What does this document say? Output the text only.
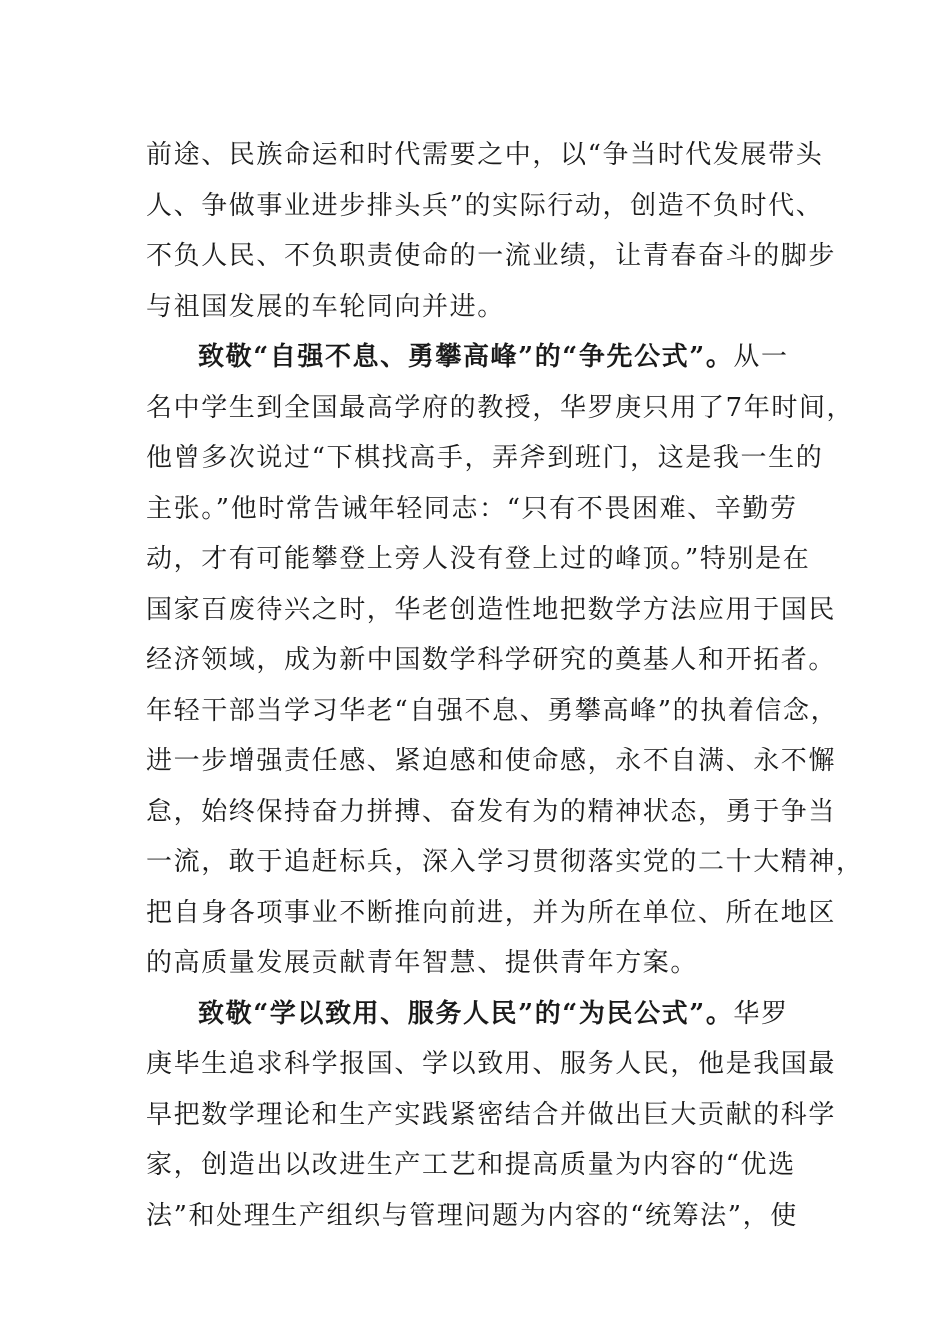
前途、民族命运和时代需要之中，以“争当时代发展带头
人、争做事业进步排头兵”的实际行动，创造不负时代、
不负人民、不负职责使命的一流业绩，让青春奋斗的脚步
与祖国发展的车轮同向并进。
致敬“自强不息、勇攀高峰”的“争先公式”。从一
名中学生到全国最高学府的教授，华罗庚只用了7年时间，
他曾多次说过“下棋找高手，弄斧到班门，这是我一生的
主张。”他时常告诫年轻同志：“只有不畏困难、辛勤劳
动，才有可能攀登上旁人没有登上过的峰顶。”特别是在
国家百废待兴之时，华老创造性地把数学方法应用于国民
经济领域，成为新中国数学科学研究的奠基人和开拓者。
年轻干部当学习华老“自强不息、勇攀高峰”的执着信念，
进一步增强责任感、紧迫感和使命感，永不自满、永不懈
怠，始终保持奋力拼搏、奋发有为的精神状态，勇于争当
一流，敢于追赶标兵，深入学习贯彻落实党的二十大精神，
把自身各项事业不断推向前进，并为所在单位、所在地区
的高质量发展贡献青年智慧、提供青年方案。
致敬“学以致用、服务人民”的“为民公式”。华罗
庚毕生追求科学报国、学以致用、服务人民，他是我国最
早把数学理论和生产实践紧密结合并做出巨大贡献的科学
家，创造出以改进生产工艺和提高质量为内容的“优选
法”和处理生产组织与管理问题为内容的“统筹法”，使
